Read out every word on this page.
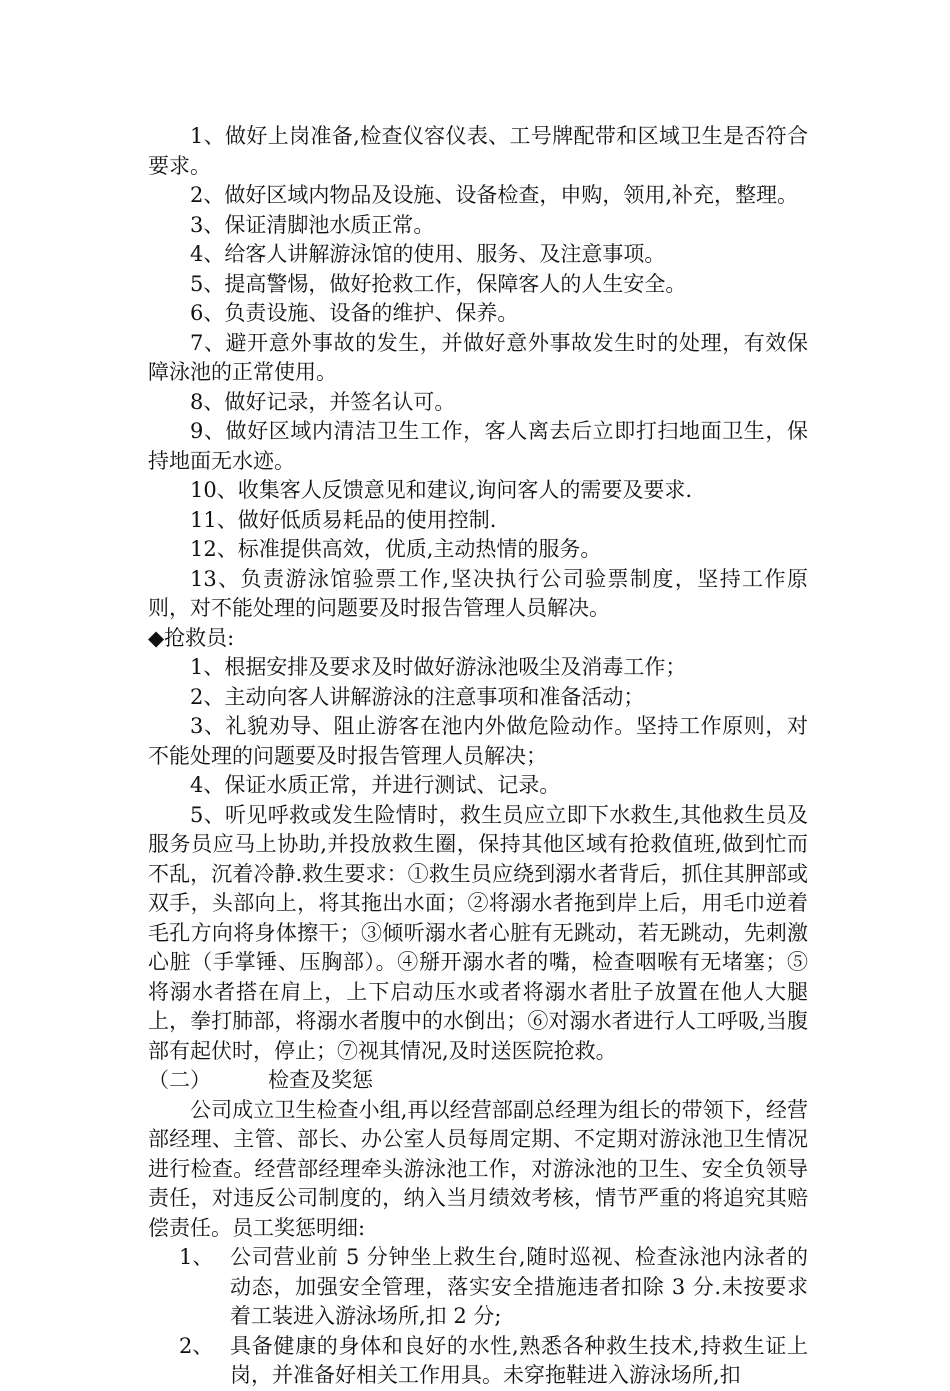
1、做好上岗准备,检查仪容仪表、工号牌配带和区域卫生是否符合要求。

2、做好区域内物品及设施、设备检查，申购，领用,补充，整理。

3、保证清脚池水质正常。

4、给客人讲解游泳馆的使用、服务、及注意事项。

5、提高警惕，做好抢救工作，保障客人的人生安全。

6、负责设施、设备的维护、保养。

7、避开意外事故的发生，并做好意外事故发生时的处理，有效保障泳池的正常使用。

8、做好记录，并签名认可。

9、做好区域内清洁卫生工作，客人离去后立即打扫地面卫生，保持地面无水迹。

10、收集客人反馈意见和建议,询问客人的需要及要求.

11、做好低质易耗品的使用控制.

12、标准提供高效，优质,主动热情的服务。

13、负责游泳馆验票工作,坚决执行公司验票制度，坚持工作原则，对不能处理的问题要及时报告管理人员解决。

◆抢救员:

1、根据安排及要求及时做好游泳池吸尘及消毒工作；

2、主动向客人讲解游泳的注意事项和准备活动；

3、礼貌劝导、阻止游客在池内外做危险动作。坚持工作原则，对不能处理的问题要及时报告管理人员解决；

4、保证水质正常，并进行测试、记录。

5、听见呼救或发生险情时，救生员应立即下水救生,其他救生员及服务员应马上协助,并投放救生圈，保持其他区域有抢救值班,做到忙而不乱，沉着冷静.救生要求：①救生员应绕到溺水者背后，抓住其胛部或双手，头部向上，将其拖出水面；②将溺水者拖到岸上后，用毛巾逆着毛孔方向将身体擦干；③倾听溺水者心脏有无跳动，若无跳动，先刺激心脏（手掌锤、压胸部）。④掰开溺水者的嘴，检查咽喉有无堵塞；⑤将溺水者搭在肩上，上下启动压水或者将溺水者肚子放置在他人大腿上，拳打肺部，将溺水者腹中的水倒出；⑥对溺水者进行人工呼吸,当腹部有起伏时，停止；⑦视其情况,及时送医院抢救。

（二）	检查及奖惩

公司成立卫生检查小组,再以经营部副总经理为组长的带领下，经营部经理、主管、部长、办公室人员每周定期、不定期对游泳池卫生情况进行检查。经营部经理牵头游泳池工作，对游泳池的卫生、安全负领导责任，对违反公司制度的，纳入当月绩效考核，情节严重的将追究其赔偿责任。员工奖惩明细:

1、 公司营业前 5 分钟坐上救生台,随时巡视、检查泳池内泳者的动态，加强安全管理，落实安全措施违者扣除 3 分.未按要求着工装进入游泳场所,扣 2 分;
2、 具备健康的身体和良好的水性,熟悉各种救生技术,持救生证上岗，并准备好相关工作用具。未穿拖鞋进入游泳场所,扣
